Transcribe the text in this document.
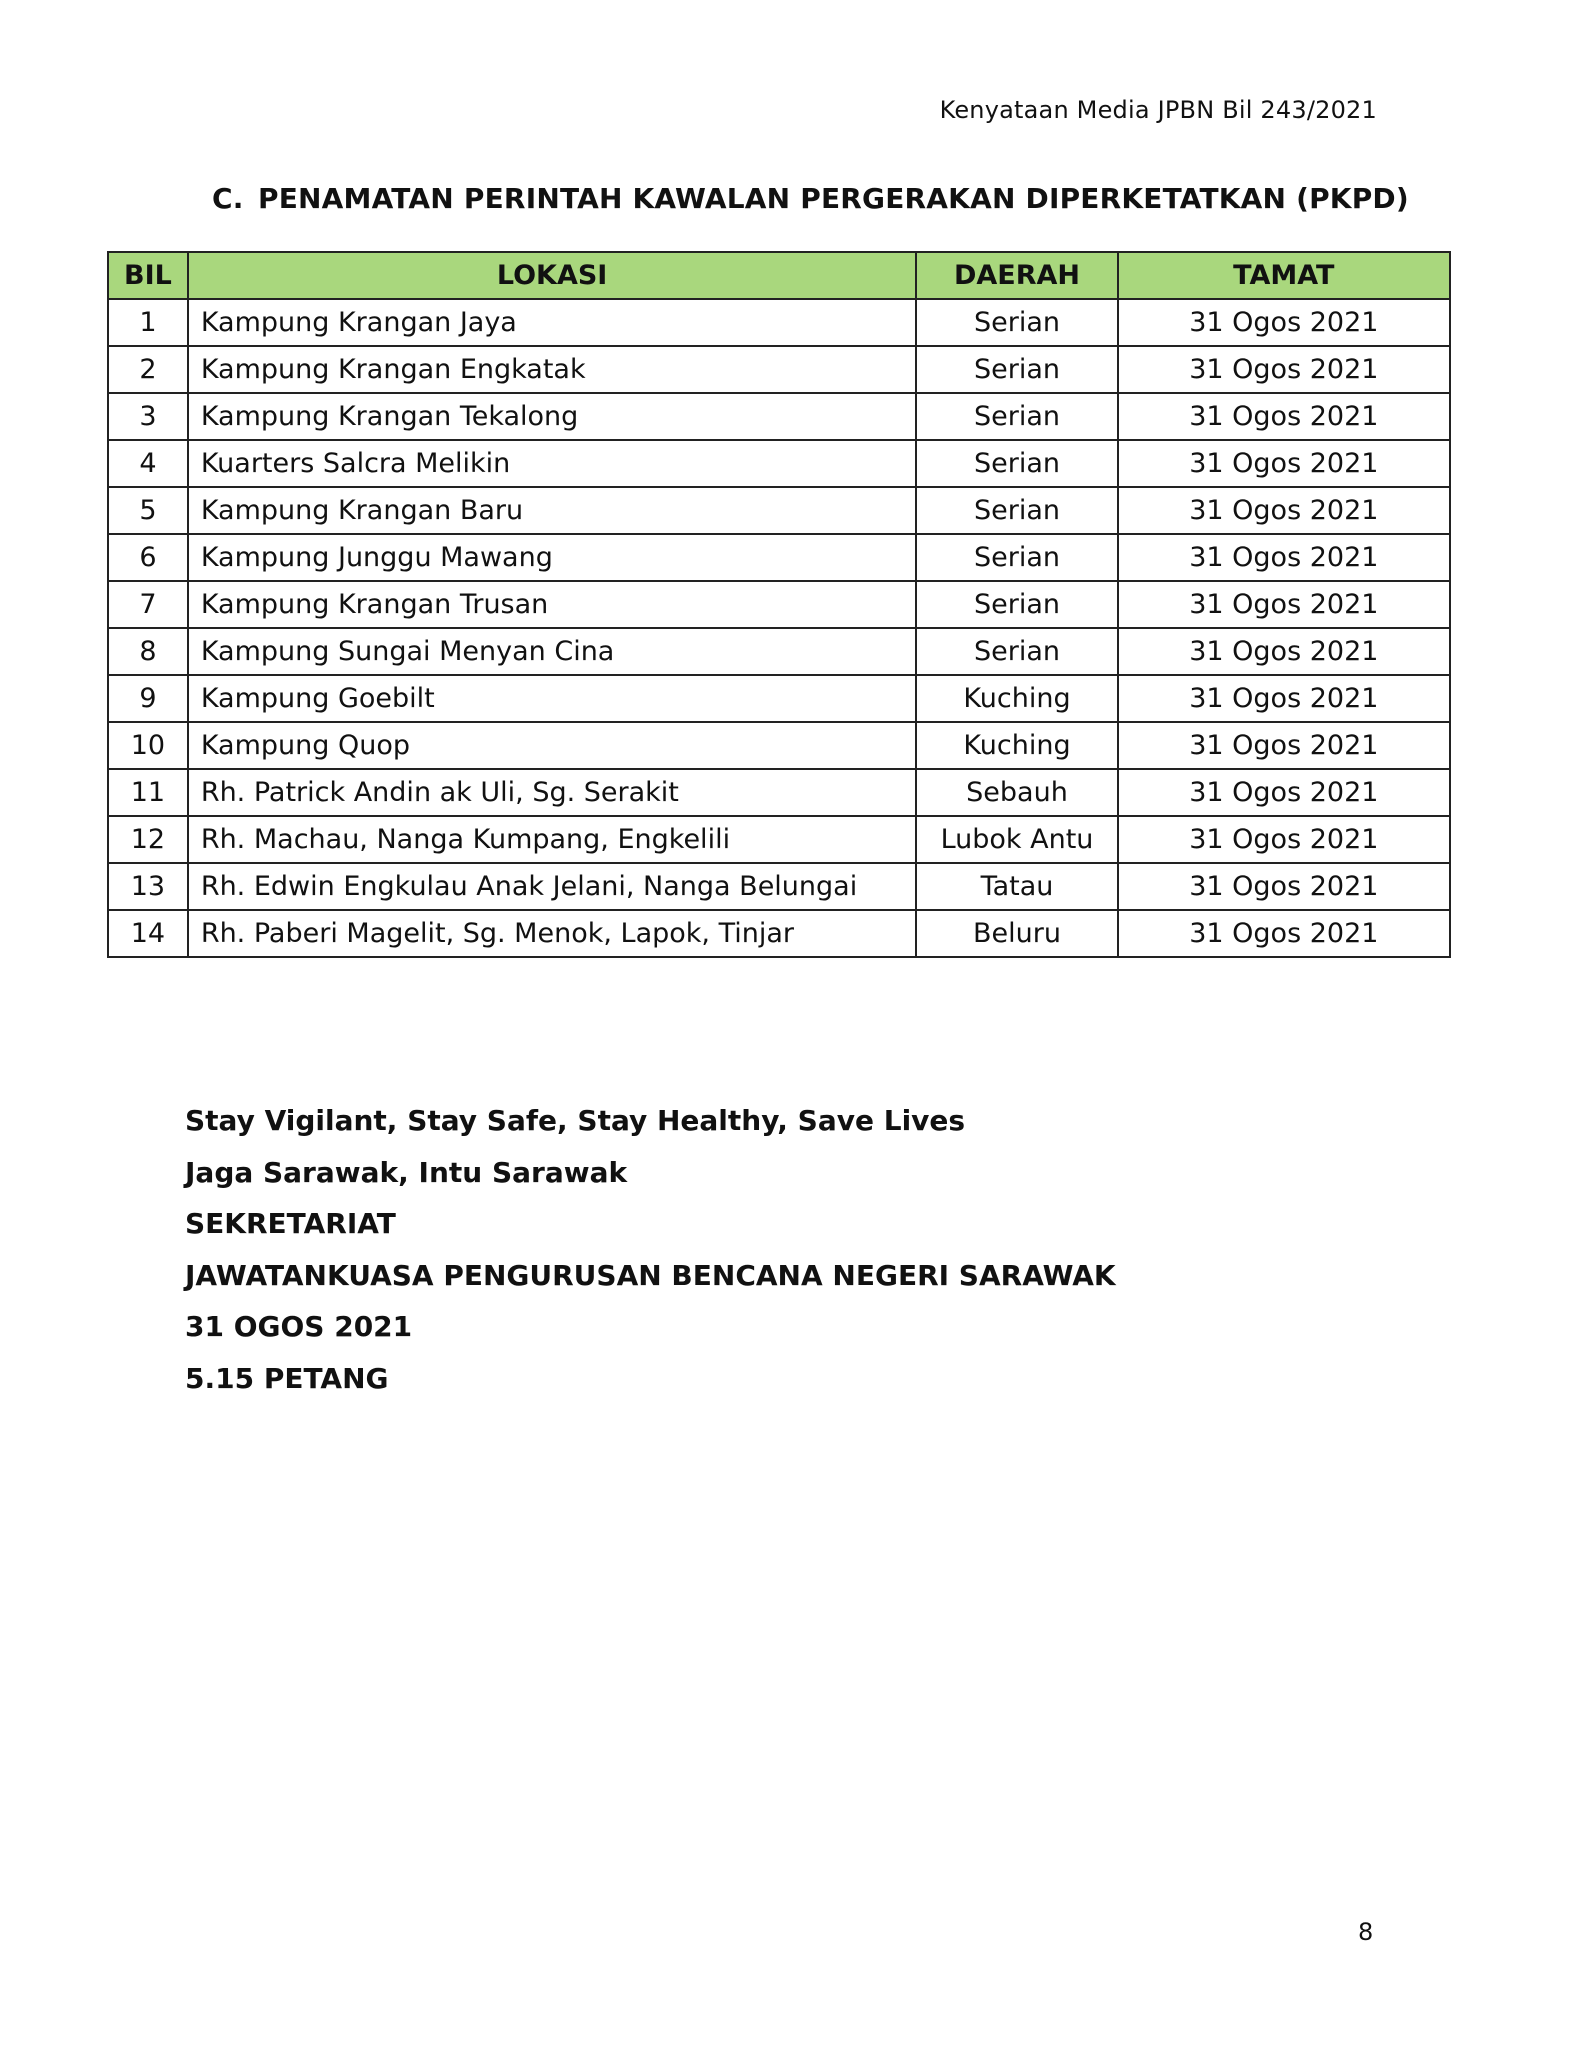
Kenyataan Media JPBN Bil 243/2021
C. PENAMATAN PERINTAH KAWALAN PERGERAKAN DIPERKETATKAN (PKPD)
BIL	LOKASI	DAERAH	TAMAT
1	Kampung Krangan Jaya	Serian	31 Ogos 2021
2	Kampung Krangan Engkatak	Serian	31 Ogos 2021
3	Kampung Krangan Tekalong	Serian	31 Ogos 2021
4	Kuarters Salcra Melikin	Serian	31 Ogos 2021
5	Kampung Krangan Baru	Serian	31 Ogos 2021
6	Kampung Junggu Mawang	Serian	31 Ogos 2021
7	Kampung Krangan Trusan	Serian	31 Ogos 2021
8	Kampung Sungai Menyan Cina	Serian	31 Ogos 2021
9	Kampung Goebilt	Kuching	31 Ogos 2021
10	Kampung Quop	Kuching	31 Ogos 2021
11	Rh. Patrick Andin ak Uli, Sg. Serakit	Sebauh	31 Ogos 2021
12	Rh. Machau, Nanga Kumpang, Engkelili	Lubok Antu	31 Ogos 2021
13	Rh. Edwin Engkulau Anak Jelani, Nanga Belungai	Tatau	31 Ogos 2021
14	Rh. Paberi Magelit, Sg. Menok, Lapok, Tinjar	Beluru	31 Ogos 2021
Stay Vigilant, Stay Safe, Stay Healthy, Save Lives
Jaga Sarawak, Intu Sarawak
SEKRETARIAT
JAWATANKUASA PENGURUSAN BENCANA NEGERI SARAWAK
31 OGOS 2021
5.15 PETANG
8
